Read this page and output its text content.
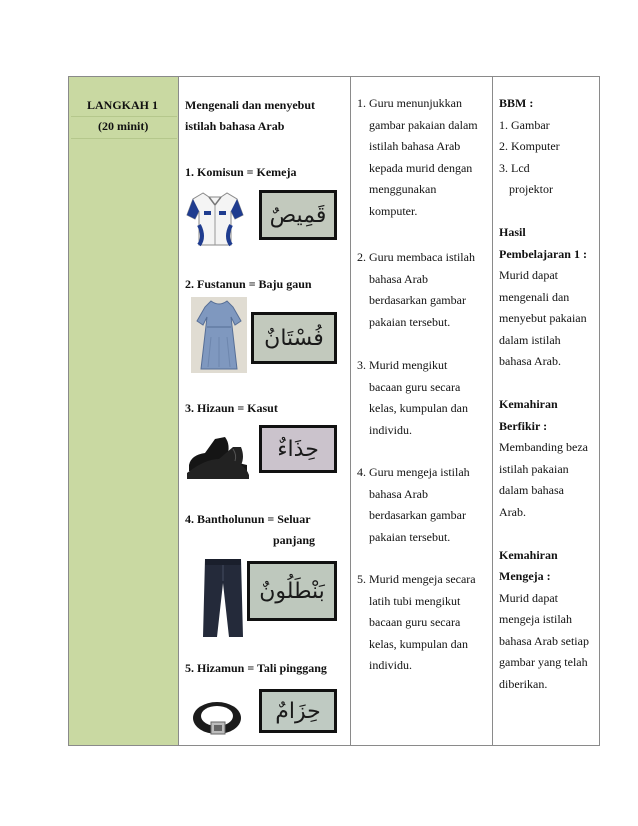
LANGKAH 1
(20 minit)
Mengenali dan menyebut
istilah bahasa Arab
1. Komisun = Kemeja
قَمِيصٌ
2. Fustanun = Baju gaun
فُسْتَانٌ
3. Hizaun = Kasut
حِذَاءٌ
4. Bantholunun = Seluar
panjang
بَنْطَلُونٌ
5. Hizamun = Tali pinggang
حِزَامٌ
1. Guru menunjukkan
gambar pakaian dalam
istilah bahasa Arab
kepada murid dengan
menggunakan
komputer.
2. Guru membaca istilah
bahasa Arab
berdasarkan gambar
pakaian tersebut.
3. Murid mengikut
bacaan guru secara
kelas, kumpulan dan
individu.
4. Guru mengeja istilah
bahasa Arab
berdasarkan gambar
pakaian tersebut.
5. Murid mengeja secara
latih tubi mengikut
bacaan guru secara
kelas, kumpulan dan
individu.
BBM :
1. Gambar
2. Komputer
3. Lcd
projektor

Hasil
Pembelajaran 1 :
Murid dapat
mengenali dan
menyebut pakaian
dalam istilah
bahasa Arab.

Kemahiran
Berfikir :
Membanding beza
istilah pakaian
dalam bahasa
Arab.

Kemahiran
Mengeja :
Murid dapat
mengeja istilah
bahasa Arab setiap
gambar yang telah
diberikan.
